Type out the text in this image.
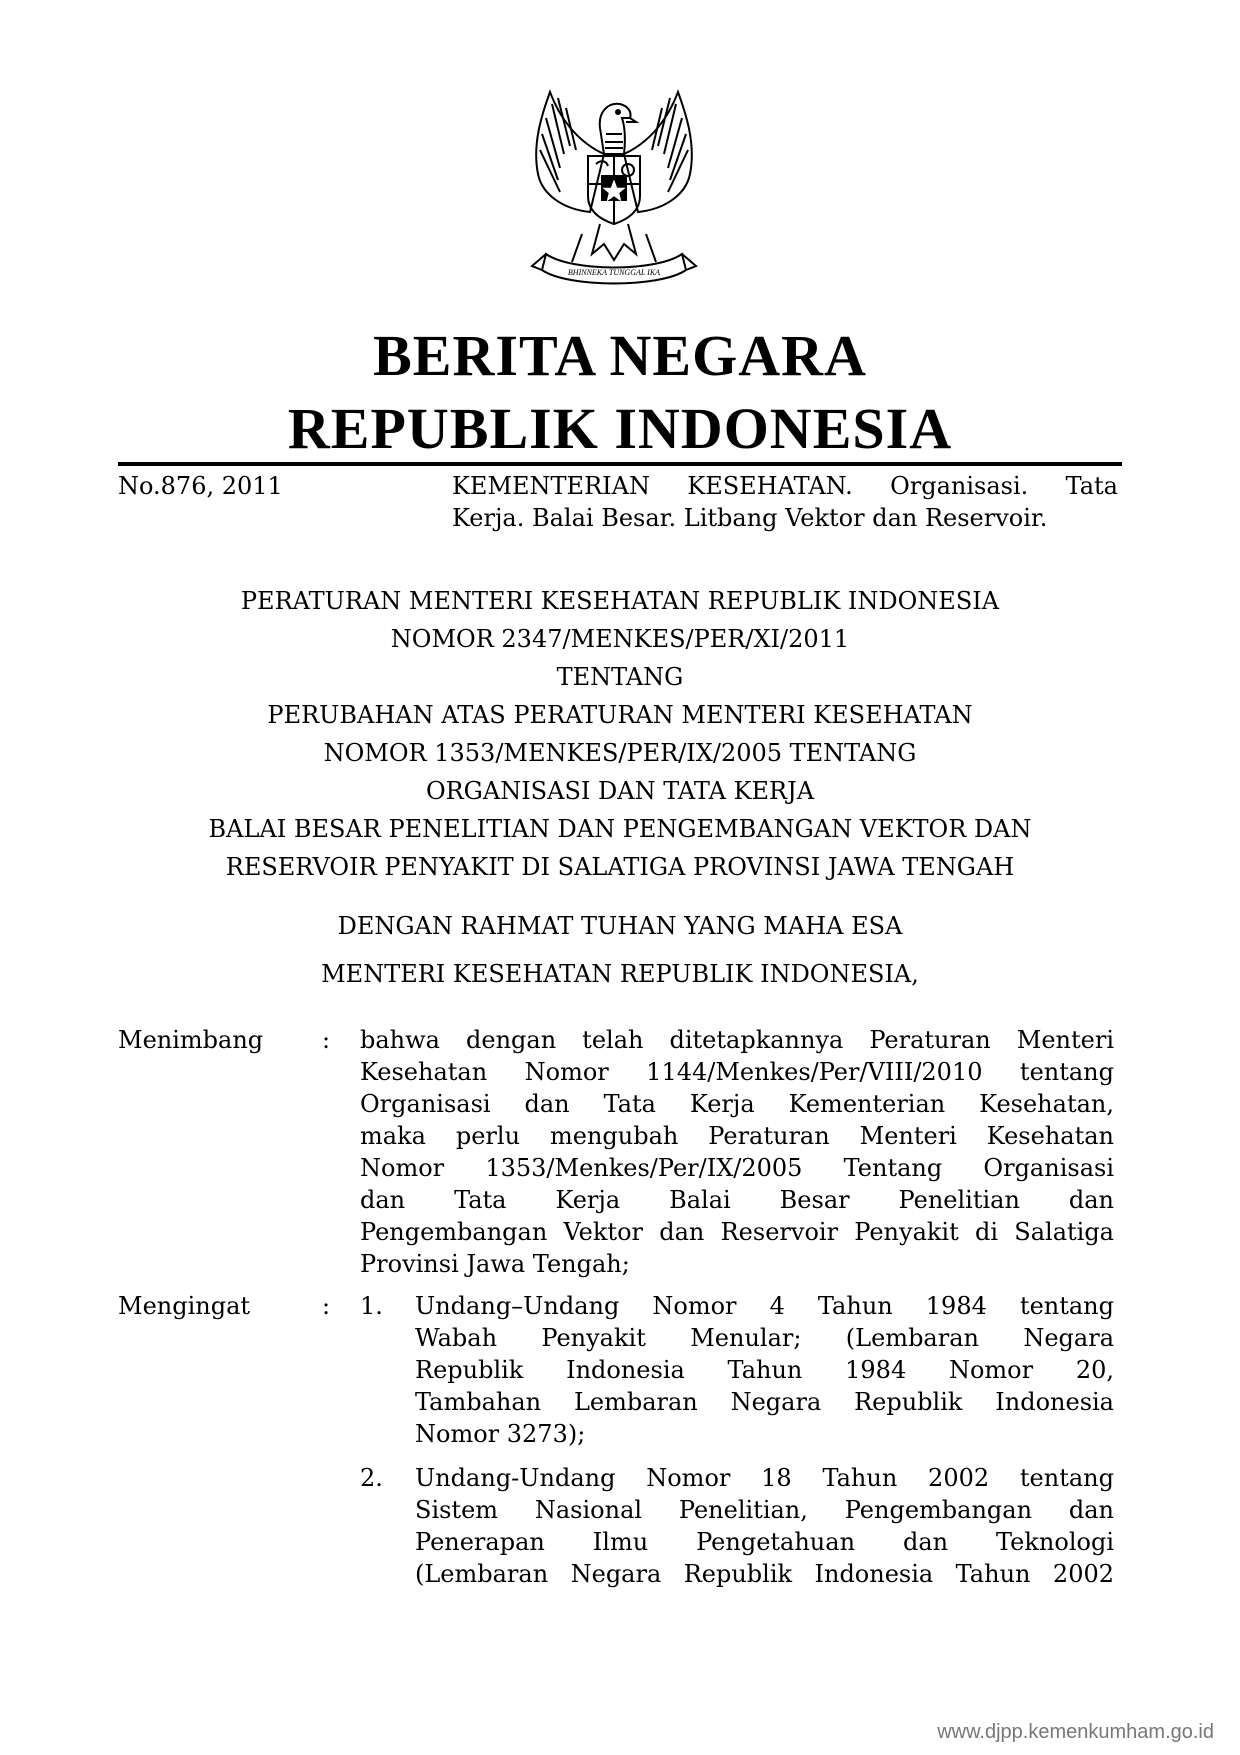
BHINNEKA TUNGGAL IKA
BERITA NEGARA
REPUBLIK INDONESIA
No.876, 2011	KEMENTERIAN KESEHATAN. Organisasi. Tata
Kerja. Balai Besar. Litbang Vektor dan Reservoir.
PERATURAN MENTERI KESEHATAN REPUBLIK INDONESIA
NOMOR 2347/MENKES/PER/XI/2011
TENTANG
PERUBAHAN ATAS PERATURAN MENTERI KESEHATAN
NOMOR 1353/MENKES/PER/IX/2005 TENTANG
ORGANISASI DAN TATA KERJA
BALAI BESAR PENELITIAN DAN PENGEMBANGAN VEKTOR DAN
RESERVOIR PENYAKIT DI SALATIGA PROVINSI JAWA TENGAH
DENGAN RAHMAT TUHAN YANG MAHA ESA
MENTERI KESEHATAN REPUBLIK INDONESIA,
Menimbang : bahwa dengan telah ditetapkannya Peraturan Menteri
Kesehatan Nomor 1144/Menkes/Per/VIII/2010 tentang
Organisasi dan Tata Kerja Kementerian Kesehatan,
maka perlu mengubah Peraturan Menteri Kesehatan
Nomor 1353/Menkes/Per/IX/2005 Tentang Organisasi
dan Tata Kerja Balai Besar Penelitian dan
Pengembangan Vektor dan Reservoir Penyakit di Salatiga
Provinsi Jawa Tengah;
Mengingat	: 1. Undang–Undang Nomor 4 Tahun 1984 tentang
Wabah Penyakit Menular; (Lembaran Negara
Republik Indonesia Tahun 1984 Nomor 20,
Tambahan Lembaran Negara Republik Indonesia
Nomor 3273);
2. Undang-Undang Nomor 18 Tahun 2002 tentang
Sistem Nasional Penelitian, Pengembangan dan
Penerapan Ilmu Pengetahuan dan Teknologi
(Lembaran Negara Republik Indonesia Tahun 2002
www.djpp.kemenkumham.go.id
